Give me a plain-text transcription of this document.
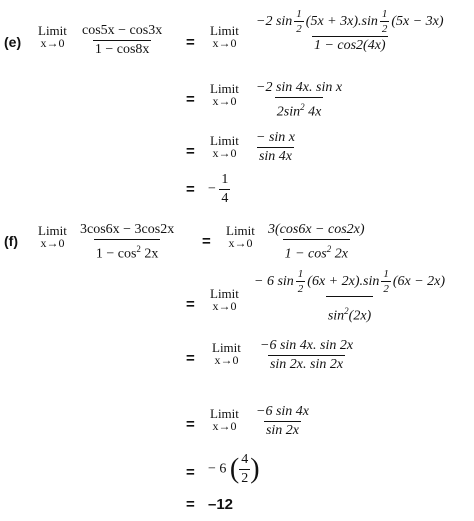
(e)
Limit
$x\to 0 \frac{\cos 5x - \cos 3x}{1 - \cos 8x}$ =
Limit
$x\to 0 \frac{-2 \sin \frac{1}{2} (5x + 3x).\sin \frac{1}{2} (5x - 3x)}{1 - \cos 2(4x)}$
=
Limit
$x\to 0 \frac{\text{−2 sin 4x. sin x}}{2\sin^2 4x}$
=
Limit
$x\to 0 \frac{\text{− sin x}}{\sin 4x}$
= − $\frac{1}{4}$
(f)
Limit
$x\to 0 \frac{3\cos 6x - 3\cos 2x}{1 - \cos^2 2x}$ =
Limit
$x\to 0 \frac{3(\cos 6x - \cos 2x)}{1 - \cos^2 2x}$
=
Limit
x→0
− 6 $\sin \frac{1}{2} (6x + 2x).\sin \frac{1}{2} (6x - 2x)$
$\sin^2(2x)$
=
Limit
$x\to 0 \frac{-6 \sin 4x. \sin 2x}{\sin 2x. \sin 2x}$
=
Limit
$x\to 0 \frac{-6 \sin 4x}{\sin 2x}$
= − 6 ( $\frac{4}{2}$ )
= –12
